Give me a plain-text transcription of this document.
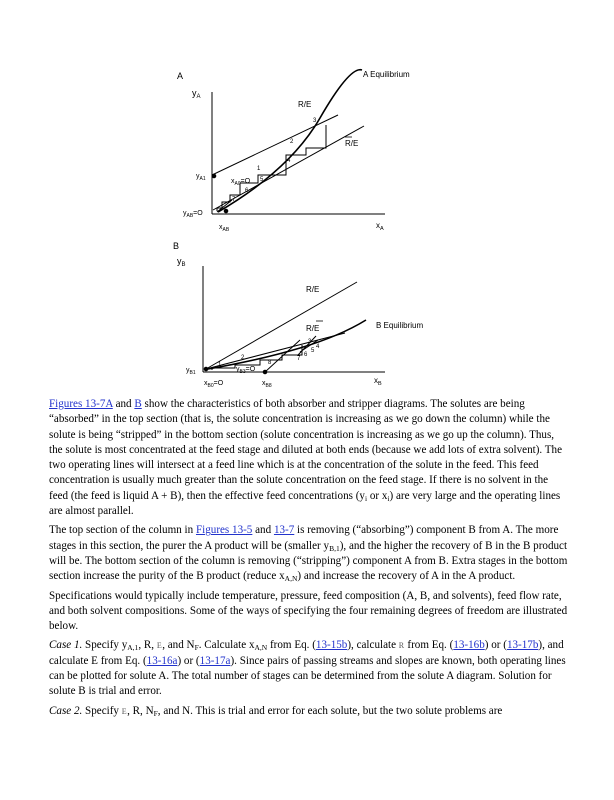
A
$y_A$
A Equilibrium
R/E
R/E
$x_A$
$y_{A1}$	$x_{A0}=O$
$y_{AB}=O$
$x_{AB}$
1
2
3
4
5
6
7
B
$y_B$
R/E
R/E	B Equilibrium
$x_B$
$y_{B1}$	$y_{B3}=O$
$x_{B0}=O$	$x_{B8}$
1
2
3
4
5
6
7
8

Figures 13-7A and B show the characteristics of both absorber and stripper diagrams. The solutes are being “absorbed” in the top section (that is, the solute concentration is increasing as we go down the column) while the solute is being “stripped” in the bottom section (solute concentration is increasing as we go up the column). Thus, the solute is most concentrated at the feed stage and diluted at both ends (because we add lots of extra solvent). The two operating lines will intersect at a feed line which is at the concentration of the solute in the feed. This feed concentration is usually much greater than the solute concentration on the feed stage. If there is no solvent in the feed (the feed is liquid A + B), then the effective feed concentrations ($y_i$ or $x_i$) are very large and the operating lines are almost parallel.

The top section of the column in Figures 13-5 and 13-7 is removing (“absorbing”) component B from A. The more stages in this section, the purer the A product will be (smaller $y_{B,1}$), and the higher the recovery of B in the B product will be. The bottom section of the column is removing (“stripping”) component A from B. Extra stages in the bottom section increase the purity of the B product (reduce $x_{A,N}$) and increase the recovery of A in the A product.

Specifications would typically include temperature, pressure, feed composition (A, B, and solvents), feed flow rate, and both solvent compositions. Some of the ways of specifying the four remaining degrees of freedom are illustrated below.

Case 1. Specify $y_{A,1}$, R, E, and $N_F$. Calculate $x_{A,N}$ from Eq. (13-15b), calculate R from Eq. (13-16b) or (13-17b), and calculate E from Eq. (13-16a) or (13-17a). Since pairs of passing streams and slopes are known, both operating lines can be plotted for solute A. The total number of stages can be determined from the solute A diagram. Solution for solute B is trial and error.

Case 2. Specify E, R, $N_F$, and N. This is trial and error for each solute, but the two solute problems are
